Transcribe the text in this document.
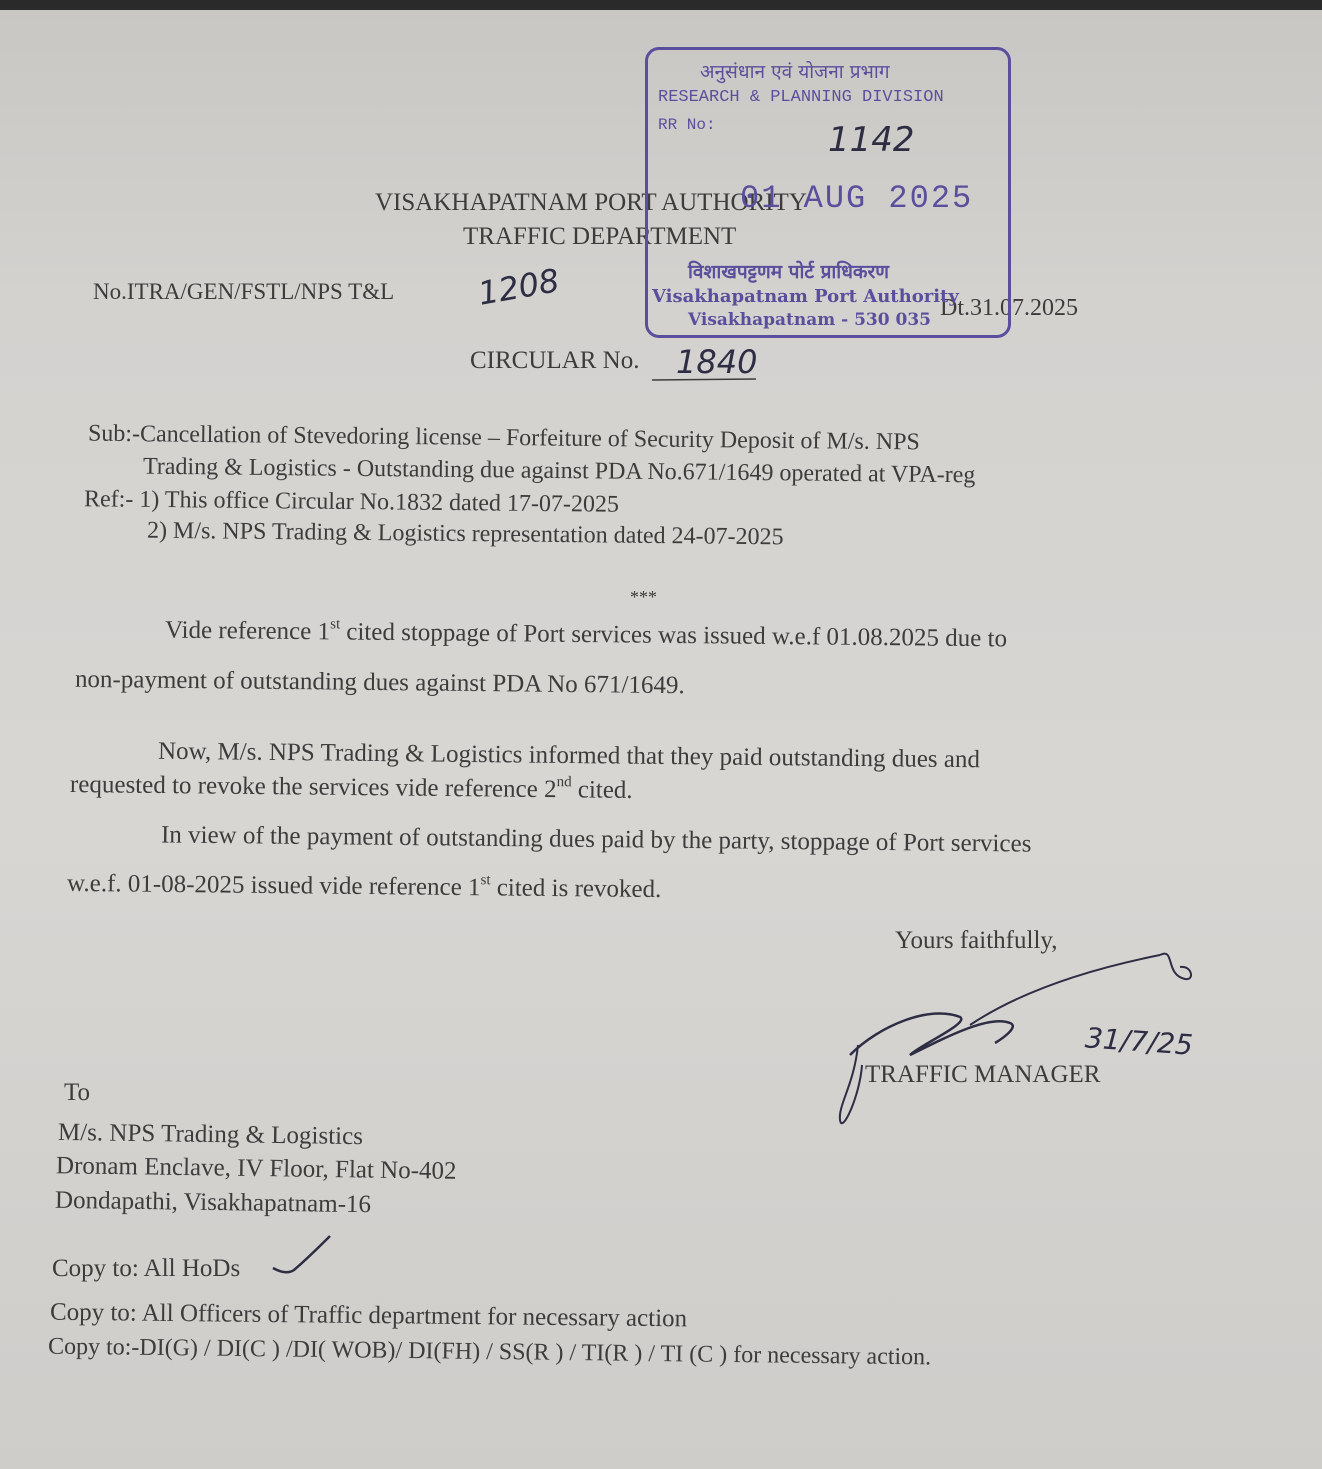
VISAKHAPATNAM PORT AUTHORITY
TRAFFIC DEPARTMENT
No.ITRA/GEN/FSTL/NPS T&L	1208	Dt.31.07.2025
अनुसंधान एवं योजना प्रभाग
RESEARCH & PLANNING DIVISION
RR No:	1142
01 AUG 2025
विशाखपट्टणम पोर्ट प्राधिकरण
Visakhapatnam Port Authority
Visakhapatnam - 530 035
CIRCULAR No. 1840
Sub:-Cancellation of Stevedoring license – Forfeiture of Security Deposit of M/s. NPS
Trading & Logistics - Outstanding due against PDA No.671/1649 operated at VPA-reg
Ref:- 1) This office Circular No.1832 dated 17-07-2025
2) M/s. NPS Trading & Logistics representation dated 24-07-2025
***
Vide reference 1st cited stoppage of Port services was issued w.e.f 01.08.2025 due to
non-payment of outstanding dues against PDA No 671/1649.
Now, M/s. NPS Trading & Logistics informed that they paid outstanding dues and
requested to revoke the services vide reference 2nd cited.
In view of the payment of outstanding dues paid by the party, stoppage of Port services
w.e.f. 01-08-2025 issued vide reference 1st cited is revoked.
Yours faithfully,
31/7/25
TRAFFIC MANAGER
To
M/s. NPS Trading & Logistics
Dronam Enclave, IV Floor, Flat No-402
Dondapathi, Visakhapatnam-16
Copy to: All HoDs
Copy to: All Officers of Traffic department for necessary action
Copy to:-DI(G) / DI(C ) /DI( WOB)/ DI(FH) / SS(R ) / TI(R ) / TI (C ) for necessary action.
